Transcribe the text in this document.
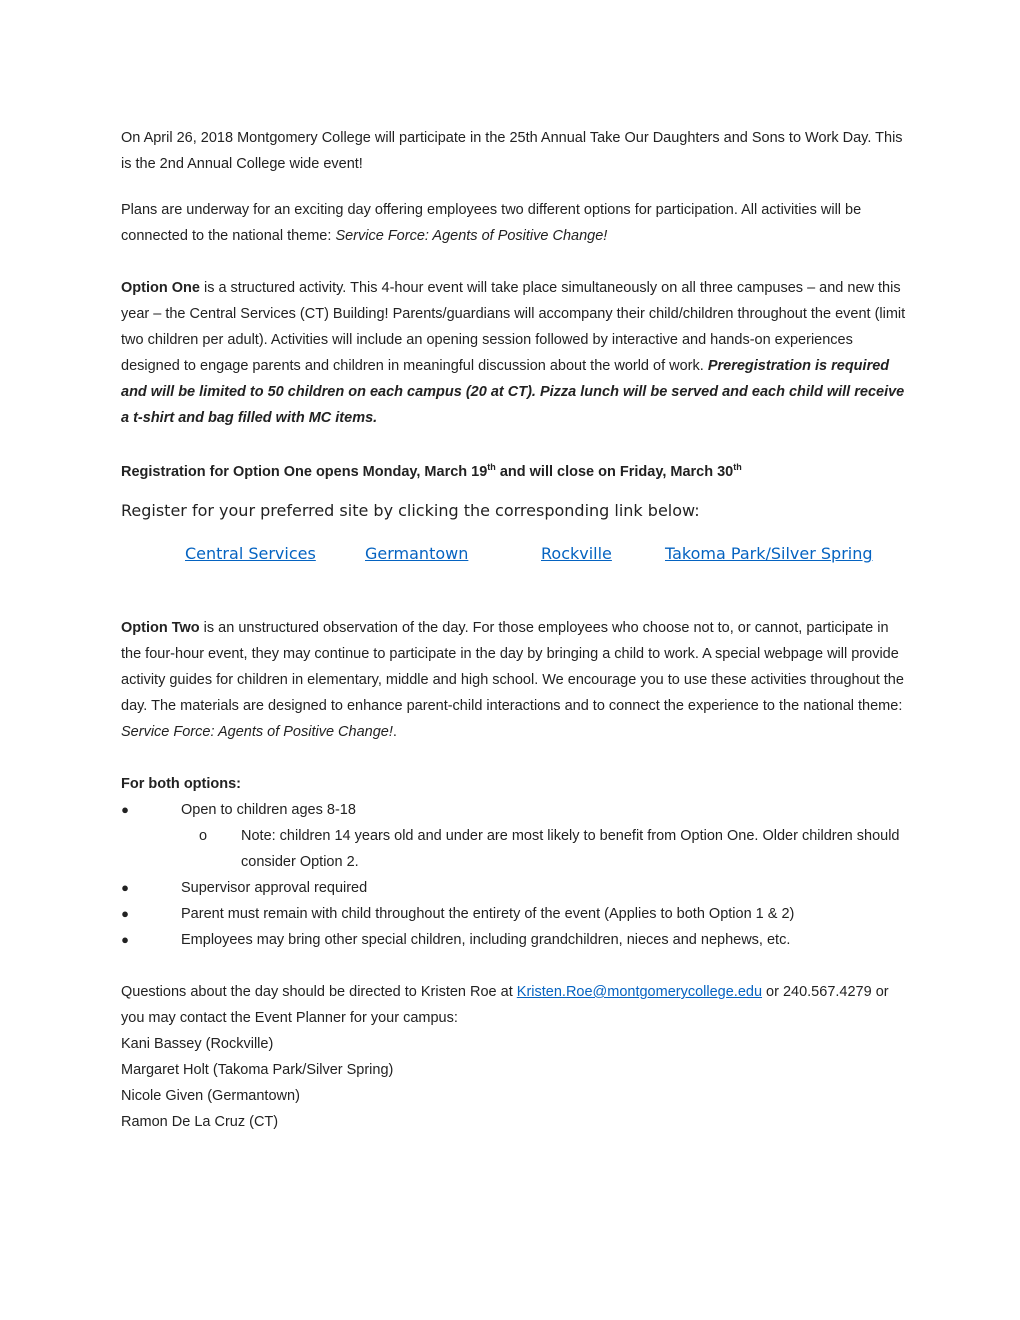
On April 26, 2018 Montgomery College will participate in the 25th Annual Take Our Daughters and Sons to Work Day. This is the 2nd Annual College wide event!

Plans are underway for an exciting day offering employees two different options for participation. All activities will be connected to the national theme: Service Force: Agents of Positive Change!

Option One is a structured activity. This 4-hour event will take place simultaneously on all three campuses – and new this year – the Central Services (CT) Building! Parents/guardians will accompany their child/children throughout the event (limit two children per adult). Activities will include an opening session followed by interactive and hands-on experiences designed to engage parents and children in meaningful discussion about the world of work. Preregistration is required and will be limited to 50 children on each campus (20 at CT). Pizza lunch will be served and each child will receive a t-shirt and bag filled with MC items.

Registration for Option One opens Monday, March 19th and will close on Friday, March 30th
Register for your preferred site by clicking the corresponding link below:
Central Services	Germantown	Rockville	Takoma Park/Silver Spring

Option Two is an unstructured observation of the day. For those employees who choose not to, or cannot, participate in the four-hour event, they may continue to participate in the day by bringing a child to work. A special webpage will provide activity guides for children in elementary, middle and high school. We encourage you to use these activities throughout the day. The materials are designed to enhance parent-child interactions and to connect the experience to the national theme: Service Force: Agents of Positive Change!.

For both options:

●	Open to children ages 8-18
o Note: children 14 years old and under are most likely to benefit from Option One. Older children should consider Option 2.
●	Supervisor approval required
●	Parent must remain with child throughout the entirety of the event (Applies to both Option 1 & 2)
●	Employees may bring other special children, including grandchildren, nieces and nephews, etc.

Questions about the day should be directed to Kristen Roe at Kristen.Roe@montgomerycollege.edu or 240.567.4279 or you may contact the Event Planner for your campus:

Kani Bassey (Rockville)
Margaret Holt (Takoma Park/Silver Spring)
Nicole Given (Germantown)
Ramon De La Cruz (CT)
